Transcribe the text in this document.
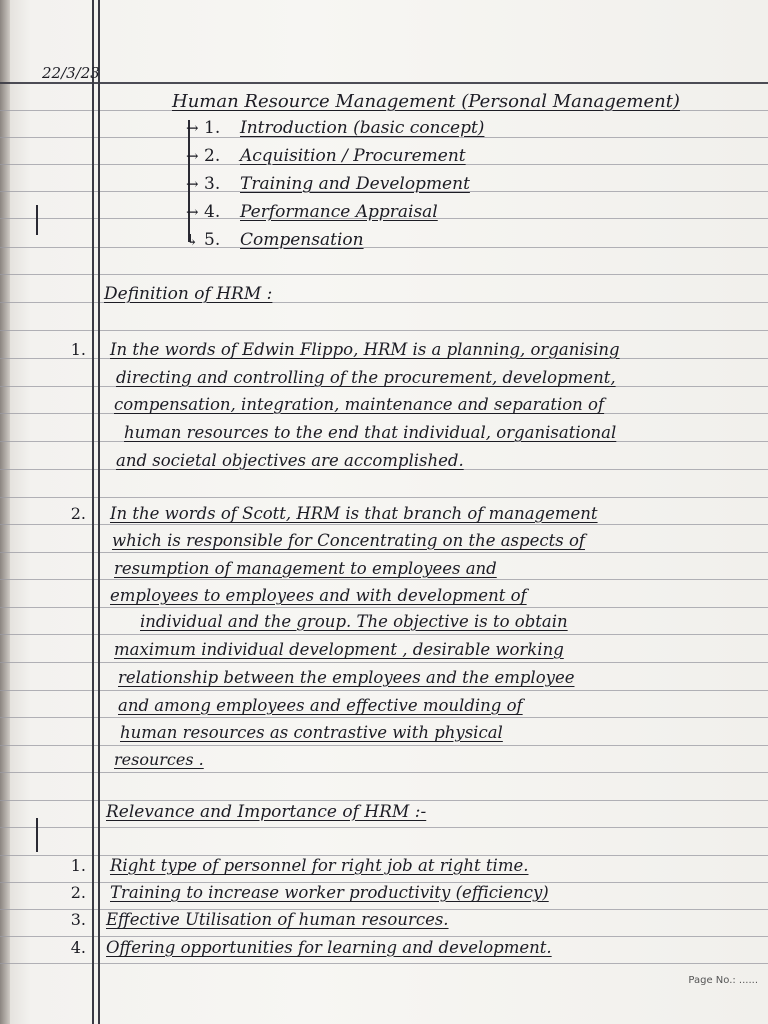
22/3/23
Human Resource Management (Personal Management)
→ 1. Introduction (basic concept)
→ 2. Acquisition / Procurement
→ 3. Training and Development
→ 4. Performance Appraisal
↳ 5. Compensation
Definition of HRM :
1. In the words of Edwin Flippo, HRM is a planning, organising
directing and controlling of the procurement, development,
compensation, integration, maintenance and separation of
human resources to the end that individual, organisational
and societal objectives are accomplished.
2. In the words of Scott, HRM is that branch of management
which is responsible for Concentrating on the aspects of
resumption of management to employees and
employees to employees and with development of
individual and the group. The objective is to obtain
maximum individual development , desirable working
relationship between the employees and the employee
and among employees and effective moulding of
human resources as contrastive with physical
resources .
Relevance and Importance of HRM :-
1. Right type of personnel for right job at right time.
2. Training to increase worker productivity (efficiency)
3. Effective Utilisation of human resources.
4. Offering opportunities for learning and development.
Page No.: ......
